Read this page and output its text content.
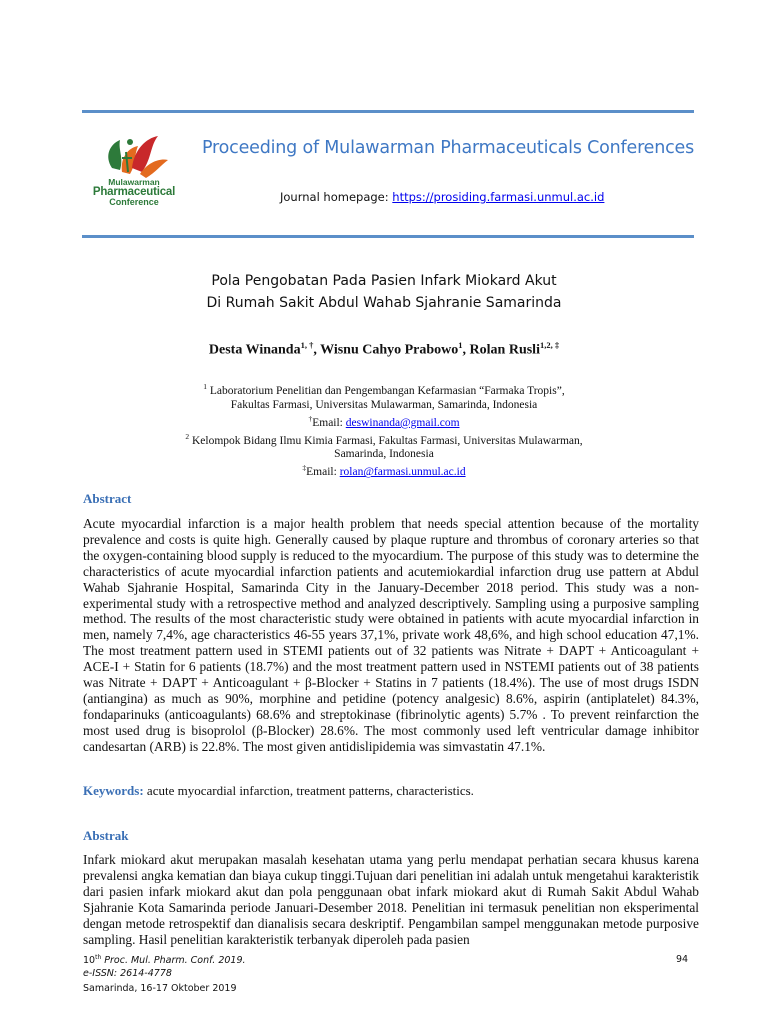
Mulawarman
Pharmaceutical
Conference
Proceeding of Mulawarman Pharmaceuticals Conferences
Journal homepage: https://prosiding.farmasi.unmul.ac.id
Pola Pengobatan Pada Pasien Infark Miokard Akut
Di Rumah Sakit Abdul Wahab Sjahranie Samarinda
Desta Winanda$^{1, \dagger}$, Wisnu Cahyo Prabowo$^1$, Rolan Rusli$^{1,2, \ddagger}$
$^1$ Laboratorium Penelitian dan Pengembangan Kefarmasian “Farmaka Tropis”,
Fakultas Farmasi, Universitas Mulawarman, Samarinda, Indonesia
†Email: deswinanda@gmail.com
$^2$ Kelompok Bidang Ilmu Kimia Farmasi, Fakultas Farmasi, Universitas Mulawarman,
Samarinda, Indonesia
‡Email: rolan@farmasi.unmul.ac.id
Abstract
Acute myocardial infarction is a major health problem that needs special attention because of the mortality prevalence and costs is quite high. Generally caused by plaque rupture and thrombus of coronary arteries so that the oxygen-containing blood supply is reduced to the myocardium. The purpose of this study was to determine the characteristics of acute myocardial infarction patients and acutemiokardial infarction drug use pattern at Abdul Wahab Sjahranie Hospital, Samarinda City in the January-December 2018 period. This study was a non-experimental study with a retrospective method and analyzed descriptively. Sampling using a purposive sampling method. The results of the most characteristic study were obtained in patients with acute myocardial infarction in men, namely 7,4%, age characteristics 46-55 years 37,1%, private work 48,6%, and high school education 47,1%. The most treatment pattern used in STEMI patients out of 32 patients was Nitrate + DAPT + Anticoagulant + ACE-I + Statin for 6 patients (18.7%) and the most treatment pattern used in NSTEMI patients out of 38 patients was Nitrate + DAPT + Anticoagulant + β-Blocker + Statins in 7 patients (18.4%). The use of most drugs ISDN (antiangina) as much as 90%, morphine and petidine (potency analgesic) 8.6%, aspirin (antiplatelet) 84.3%, fondaparinuks (anticoagulants) 68.6% and streptokinase (fibrinolytic agents) 5.7% . To prevent reinfarction the most used drug is bisoprolol (β-Blocker) 28.6%. The most commonly used left ventricular damage inhibitor candesartan (ARB) is 22.8%. The most given antidislipidemia was simvastatin 47.1%.
Keywords: acute myocardial infarction, treatment patterns, characteristics.
Abstrak
Infark miokard akut merupakan masalah kesehatan utama yang perlu mendapat perhatian secara khusus karena prevalensi angka kematian dan biaya cukup tinggi.Tujuan dari penelitian ini adalah untuk mengetahui karakteristik dari pasien infark miokard akut dan pola penggunaan obat infark miokard akut di Rumah Sakit Abdul Wahab Sjahranie Kota Samarinda periode Januari-Desember 2018. Penelitian ini termasuk penelitian non eksperimental dengan metode retrospektif dan dianalisis secara deskriptif. Pengambilan sampel menggunakan metode purposive sampling. Hasil penelitian karakteristik terbanyak diperoleh pada pasien
10th Proc. Mul. Pharm. Conf. 2019.
e-ISSN: 2614-4778
Samarinda, 16-17 Oktober 2019
94
